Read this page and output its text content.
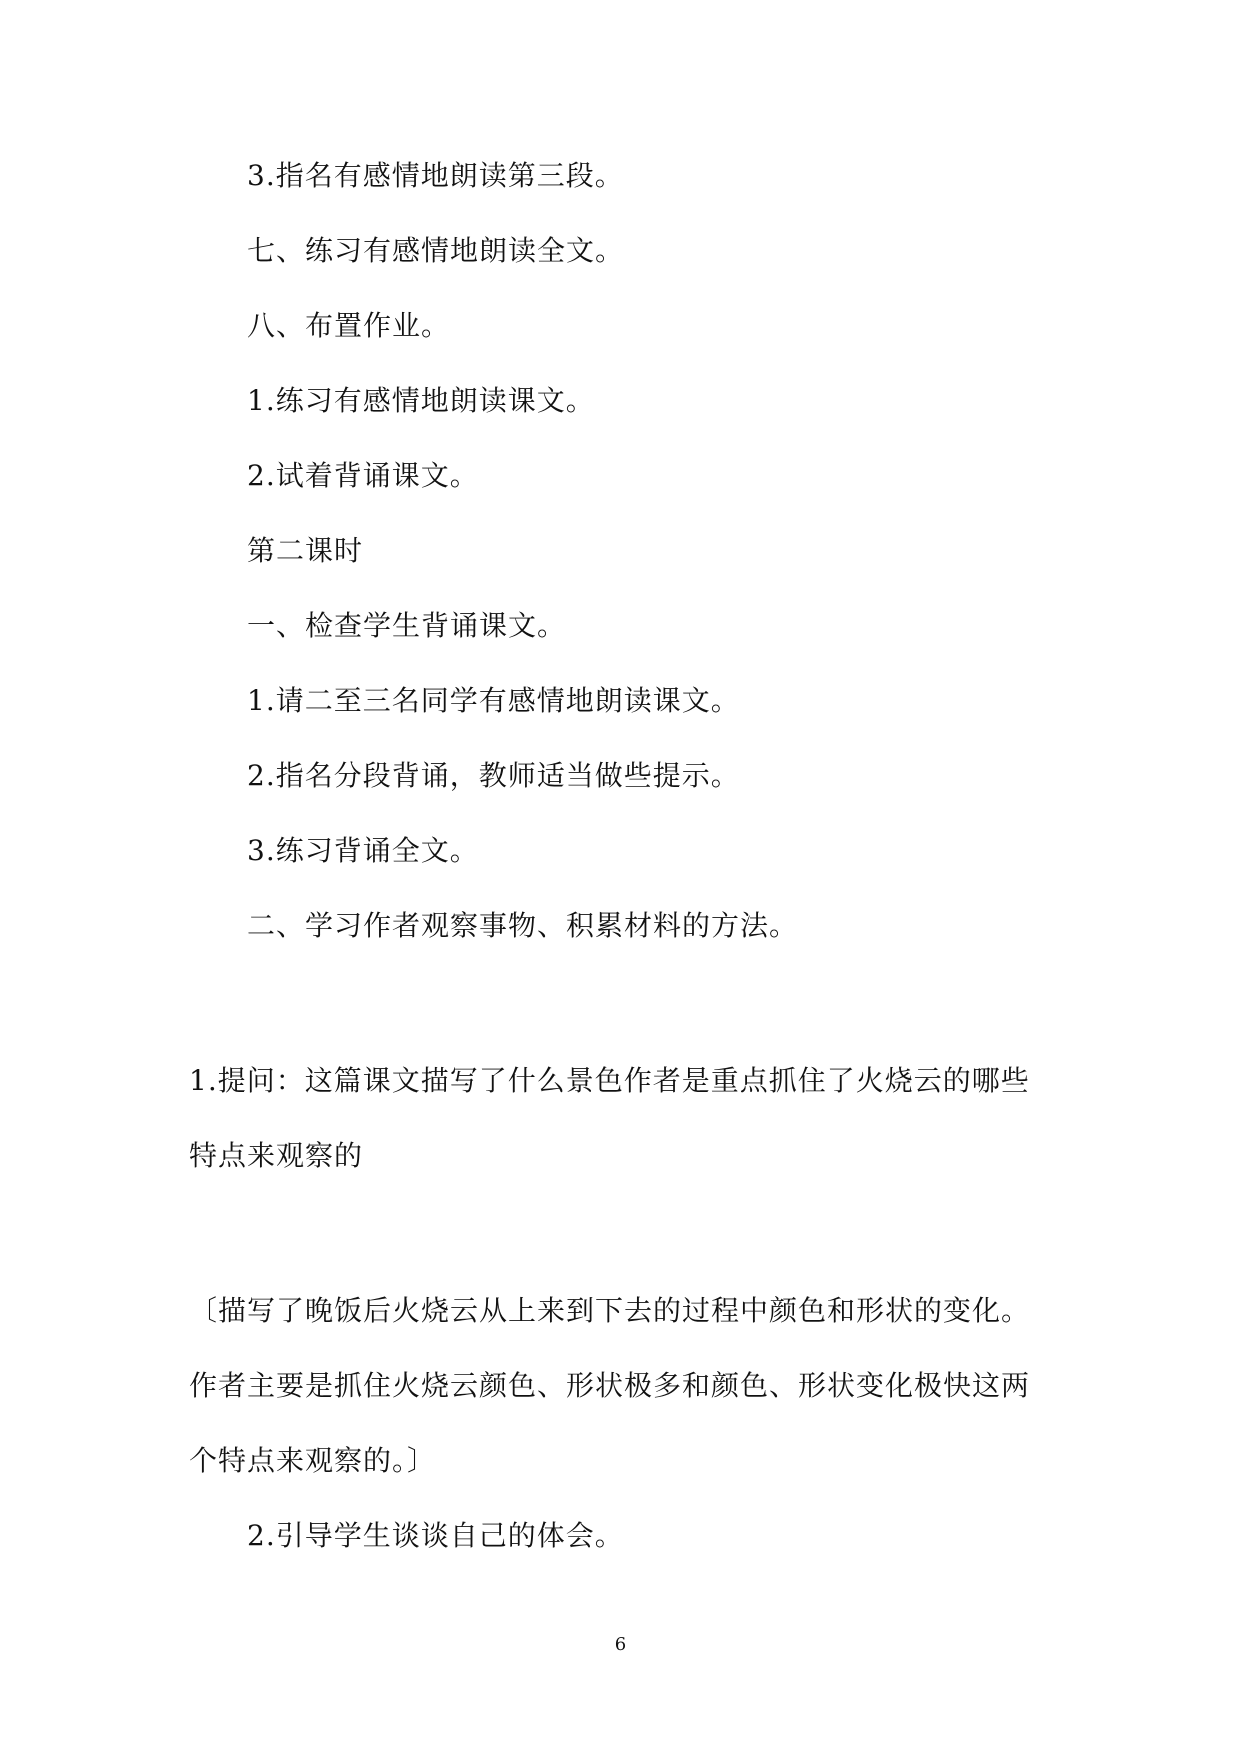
3.指名有感情地朗读第三段。
七、练习有感情地朗读全文。
八、布置作业。
1.练习有感情地朗读课文。
2.试着背诵课文。
第二课时
一、检查学生背诵课文。
1.请二至三名同学有感情地朗读课文。
2.指名分段背诵，教师适当做些提示。
3.练习背诵全文。
二、学习作者观察事物、积累材料的方法。
1.提问：这篇课文描写了什么景色作者是重点抓住了火烧云的哪些
特点来观察的
〔描写了晚饭后火烧云从上来到下去的过程中颜色和形状的变化。
作者主要是抓住火烧云颜色、形状极多和颜色、形状变化极快这两
个特点来观察的。〕
2.引导学生谈谈自己的体会。
6
